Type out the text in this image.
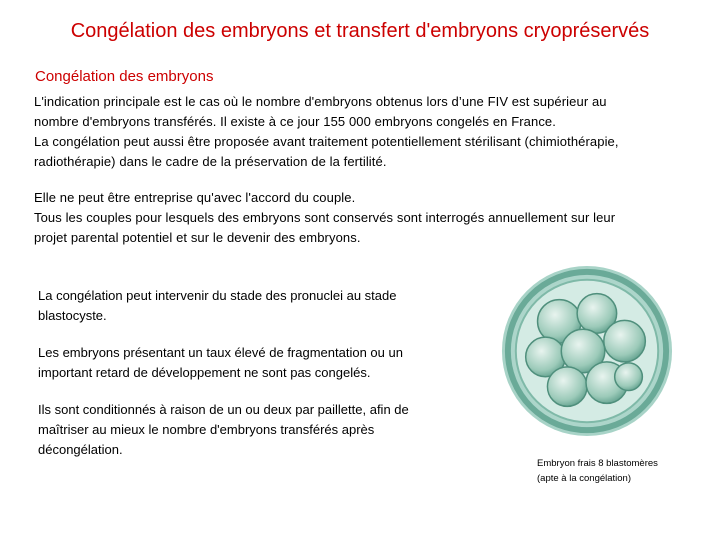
Congélation des embryons et transfert d'embryons cryopréservés
Congélation des embryons

L'indication principale est le cas où le nombre d'embryons obtenus lors d’une FIV est supérieur au
nombre d'embryons transférés. Il existe à ce jour 155 000 embryons congelés en France.
La congélation peut aussi être proposée avant traitement potentiellement stérilisant (chimiothérapie,
radiothérapie) dans le cadre de la préservation de la fertilité.

Elle ne peut être entreprise qu'avec l'accord du couple.
Tous les couples pour lesquels des embryons sont conservés sont interrogés annuellement sur leur
projet parental potentiel et sur le devenir des embryons.

La congélation peut intervenir du stade des pronuclei au stade
blastocyste.

Les embryons présentant un taux élevé de fragmentation ou un
important retard de développement ne sont pas congelés.

Ils sont conditionnés à raison de un ou deux par paillette, afin de
maîtriser au mieux le nombre d'embryons transférés après
décongélation.

Embryon frais 8 blastomères
(apte à la congélation)
